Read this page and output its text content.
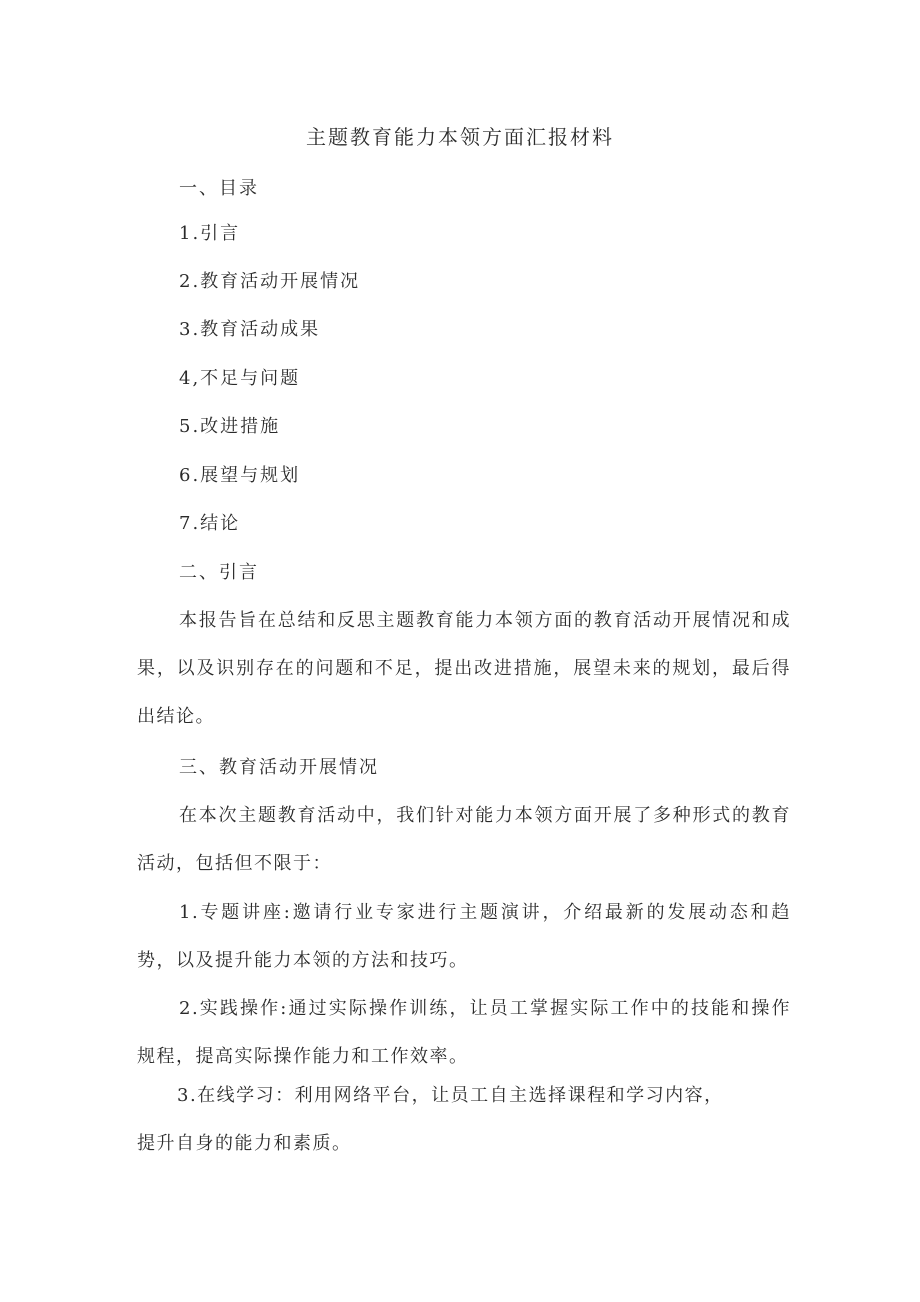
主题教育能力本领方面汇报材料
一、目录
1.引言
2.教育活动开展情况
3.教育活动成果
4,不足与问题
5.改进措施
6.展望与规划
7.结论
二、引言
本报告旨在总结和反思主题教育能力本领方面的教育活动开展情况和成果，以及识别存在的问题和不足，提出改进措施，展望未来的规划，最后得出结论。
三、教育活动开展情况
在本次主题教育活动中，我们针对能力本领方面开展了多种形式的教育活动，包括但不限于：
1.专题讲座:邀请行业专家进行主题演讲，介绍最新的发展动态和趋势，以及提升能力本领的方法和技巧。
2.实践操作:通过实际操作训练，让员工掌握实际工作中的技能和操作规程，提高实际操作能力和工作效率。
3.在线学习：利用网络平台，让员工自主选择课程和学习内容，
提升自身的能力和素质。
